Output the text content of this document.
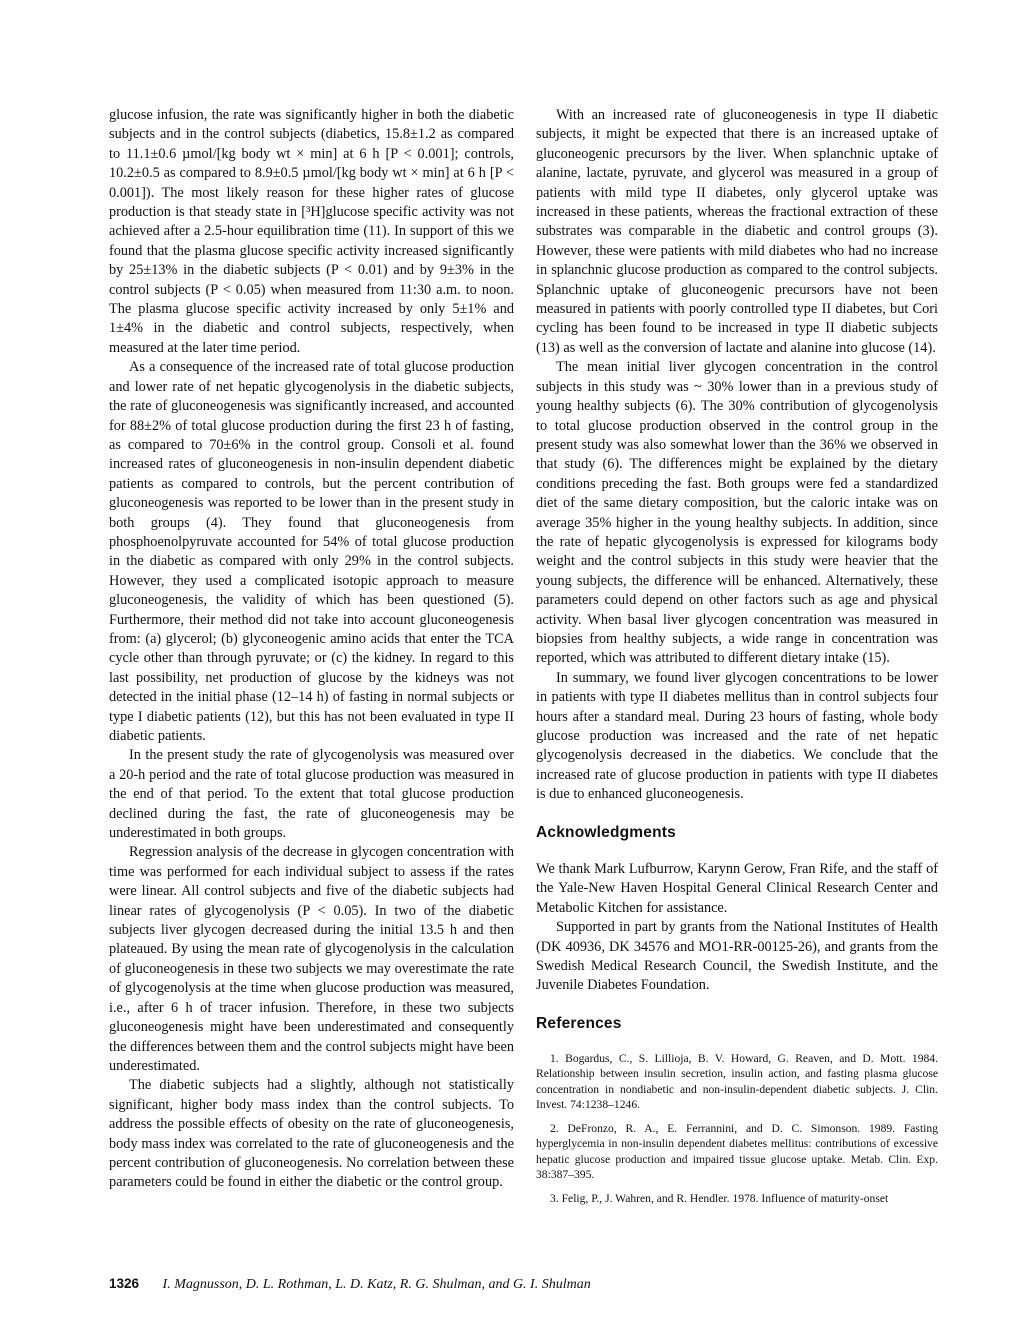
glucose infusion, the rate was significantly higher in both the diabetic subjects and in the control subjects (diabetics, 15.8±1.2 as compared to 11.1±0.6 µmol/[kg body wt × min] at 6 h [P < 0.001]; controls, 10.2±0.5 as compared to 8.9±0.5 µmol/[kg body wt × min] at 6 h [P < 0.001]). The most likely reason for these higher rates of glucose production is that steady state in [³H]glucose specific activity was not achieved after a 2.5-hour equilibration time (11). In support of this we found that the plasma glucose specific activity increased significantly by 25±13% in the diabetic subjects (P < 0.01) and by 9±3% in the control subjects (P < 0.05) when measured from 11:30 a.m. to noon. The plasma glucose specific activity increased by only 5±1% and 1±4% in the diabetic and control subjects, respectively, when measured at the later time period.

As a consequence of the increased rate of total glucose production and lower rate of net hepatic glycogenolysis in the diabetic subjects, the rate of gluconeogenesis was significantly increased, and accounted for 88±2% of total glucose production during the first 23 h of fasting, as compared to 70±6% in the control group. Consoli et al. found increased rates of gluconeogenesis in non-insulin dependent diabetic patients as compared to controls, but the percent contribution of gluconeogenesis was reported to be lower than in the present study in both groups (4). They found that gluconeogenesis from phosphoenolpyruvate accounted for 54% of total glucose production in the diabetic as compared with only 29% in the control subjects. However, they used a complicated isotopic approach to measure gluconeogenesis, the validity of which has been questioned (5). Furthermore, their method did not take into account gluconeogenesis from: (a) glycerol; (b) glyconeogenic amino acids that enter the TCA cycle other than through pyruvate; or (c) the kidney. In regard to this last possibility, net production of glucose by the kidneys was not detected in the initial phase (12–14 h) of fasting in normal subjects or type I diabetic patients (12), but this has not been evaluated in type II diabetic patients.

In the present study the rate of glycogenolysis was measured over a 20-h period and the rate of total glucose production was measured in the end of that period. To the extent that total glucose production declined during the fast, the rate of gluconeogenesis may be underestimated in both groups.

Regression analysis of the decrease in glycogen concentration with time was performed for each individual subject to assess if the rates were linear. All control subjects and five of the diabetic subjects had linear rates of glycogenolysis (P < 0.05). In two of the diabetic subjects liver glycogen decreased during the initial 13.5 h and then plateaued. By using the mean rate of glycogenolysis in the calculation of gluconeogenesis in these two subjects we may overestimate the rate of glycogenolysis at the time when glucose production was measured, i.e., after 6 h of tracer infusion. Therefore, in these two subjects gluconeogenesis might have been underestimated and consequently the differences between them and the control subjects might have been underestimated.

The diabetic subjects had a slightly, although not statistically significant, higher body mass index than the control subjects. To address the possible effects of obesity on the rate of gluconeogenesis, body mass index was correlated to the rate of gluconeogenesis and the percent contribution of gluconeogenesis. No correlation between these parameters could be found in either the diabetic or the control group.

With an increased rate of gluconeogenesis in type II diabetic subjects, it might be expected that there is an increased uptake of gluconeogenic precursors by the liver. When splanchnic uptake of alanine, lactate, pyruvate, and glycerol was measured in a group of patients with mild type II diabetes, only glycerol uptake was increased in these patients, whereas the fractional extraction of these substrates was comparable in the diabetic and control groups (3). However, these were patients with mild diabetes who had no increase in splanchnic glucose production as compared to the control subjects. Splanchnic uptake of gluconeogenic precursors have not been measured in patients with poorly controlled type II diabetes, but Cori cycling has been found to be increased in type II diabetic subjects (13) as well as the conversion of lactate and alanine into glucose (14).

The mean initial liver glycogen concentration in the control subjects in this study was ~ 30% lower than in a previous study of young healthy subjects (6). The 30% contribution of glycogenolysis to total glucose production observed in the control group in the present study was also somewhat lower than the 36% we observed in that study (6). The differences might be explained by the dietary conditions preceding the fast. Both groups were fed a standardized diet of the same dietary composition, but the caloric intake was on average 35% higher in the young healthy subjects. In addition, since the rate of hepatic glycogenolysis is expressed for kilograms body weight and the control subjects in this study were heavier that the young subjects, the difference will be enhanced. Alternatively, these parameters could depend on other factors such as age and physical activity. When basal liver glycogen concentration was measured in biopsies from healthy subjects, a wide range in concentration was reported, which was attributed to different dietary intake (15).

In summary, we found liver glycogen concentrations to be lower in patients with type II diabetes mellitus than in control subjects four hours after a standard meal. During 23 hours of fasting, whole body glucose production was increased and the rate of net hepatic glycogenolysis decreased in the diabetics. We conclude that the increased rate of glucose production in patients with type II diabetes is due to enhanced gluconeogenesis.

Acknowledgments

We thank Mark Lufburrow, Karynn Gerow, Fran Rife, and the staff of the Yale-New Haven Hospital General Clinical Research Center and Metabolic Kitchen for assistance.

Supported in part by grants from the National Institutes of Health (DK 40936, DK 34576 and MO1-RR-00125-26), and grants from the Swedish Medical Research Council, the Swedish Institute, and the Juvenile Diabetes Foundation.

References

1. Bogardus, C., S. Lillioja, B. V. Howard, G. Reaven, and D. Mott. 1984. Relationship between insulin secretion, insulin action, and fasting plasma glucose concentration in nondiabetic and non-insulin-dependent diabetic subjects. J. Clin. Invest. 74:1238–1246.

2. DeFronzo, R. A., E. Ferrannini, and D. C. Simonson. 1989. Fasting hyperglycemia in non-insulin dependent diabetes mellitus: contributions of excessive hepatic glucose production and impaired tissue glucose uptake. Metab. Clin. Exp. 38:387–395.

3. Felig, P., J. Wahren, and R. Hendler. 1978. Influence of maturity-onset

1326 I. Magnusson, D. L. Rothman, L. D. Katz, R. G. Shulman, and G. I. Shulman
